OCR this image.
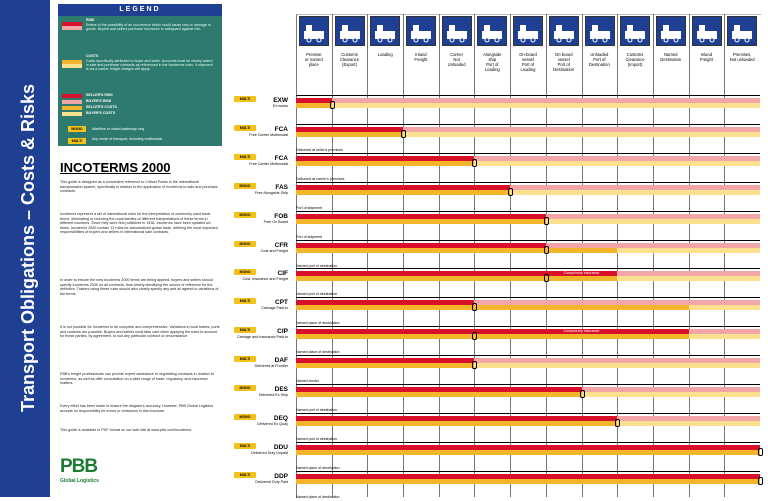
Transport Obligations – Costs & Risks
LEGEND
RISK
Refers to the possibility of an occurrence which could cause loss or damage to goods. Buyers and sellers purchase insurance to safeguard against risk.
COSTS
Costs specifically attributed to buyer and seller. Accounts must be clearly stated in sale and purchase contracts as referenced in the Incoterms rules. If shipment is via a carrier, freight charges will apply.
SELLER'S RISK
BUYER'S RISK
SELLER'S COSTS
BUYER'S COSTS
MONO	Maritime or inland waterway only
MULTI	Any mode of transport, including multimodal.
INCOTERMS 2000
This guide is designed as a convenient reference to Critical Points in the international transportation system, specifically in relation to the application of Incoterms to sale and purchase contracts.
Incoterms represent a set of international rules for the interpretation of commonly used trade terms, eliminating or reducing the uncertainties of different interpretations of these terms in different countries. Since they were first published in 1936, Incoterms have been updated six times. Incoterms 2000 contain 13 rules for standardized global trade, defining the most important responsibilities of buyers and sellers in international sale contracts.
In order to ensure the new Incoterms 2000 terms are being applied, buyers and sellers should specify Incoterms 2000 on all contracts, thus clearly identifying the source of reference for the definition. Traders using these rules should also clearly specify any and all agreed to variations of the terms.
It is not possible for Incoterms to be complete and comprehensive. Variations in local trades, ports and customs are possible. Buyers and sellers must take care when applying the rules to account for these parties, by agreement, to suit any particular contract or circumstance.
PBB's freight professionals can provide expert assistance in negotiating contracts in relation to Incoterms, as well as offer consultation on a wide range of trade, regulatory, and insurance matters.
Every effort has been made to ensure the diagram's accuracy. However, PBB Global Logistics accepts no responsibility for errors or omissions in this brochure.
This guide is available in PDF format on our web site at www.pbb.com/incoterms.
PBB
Global Logistics
Premise
or named
place
Customs
Clearance
(Export)
Loading	Inland
Freight
Carrier
Not
Unloaded
Alongside
ship
Port of
Loading
On-board
vessel
Port of
Loading
On-board
vessel
Port of
Destination
Unloaded
Port of
Destination
Customs
Clearance
(Import)
Named
Destination
Inland
Freight
Premises,
Not unloaded
MULTI	EXW
Ex works
MULTI	FCA
Free Carrier Multimodal
Delivered at seller's premises
MULTI	FCA
Free Carrier Multimodal
Delivered at carrier's premises
MONO	FAS
Free Alongside Ship
Port of shipment
MONO	FOB
Free On Board
Port of shipment
MONO	CFR
Cost and Freight
Named port of destination
MONO	CIF
Cost, Insurance and Freight
Named port of destination
Compulsory insurance
MULTI	CPT
Carriage Paid to
Named place of destination
MULTI	CIP
Carriage and Insurance Paid to
Named place of destination
Compulsory insurance
MULTI	DAF
Delivered at Frontier
Named border
MONO	DES
Delivered Ex Ship
Named port of destination
MONO	DEQ
Delivered Ex Quay
Named port of destination
MULTI	DDU
Delivered Duty Unpaid
Named place of destination
MULTI	DDP
Delivered Duty Paid
Named place of destination
